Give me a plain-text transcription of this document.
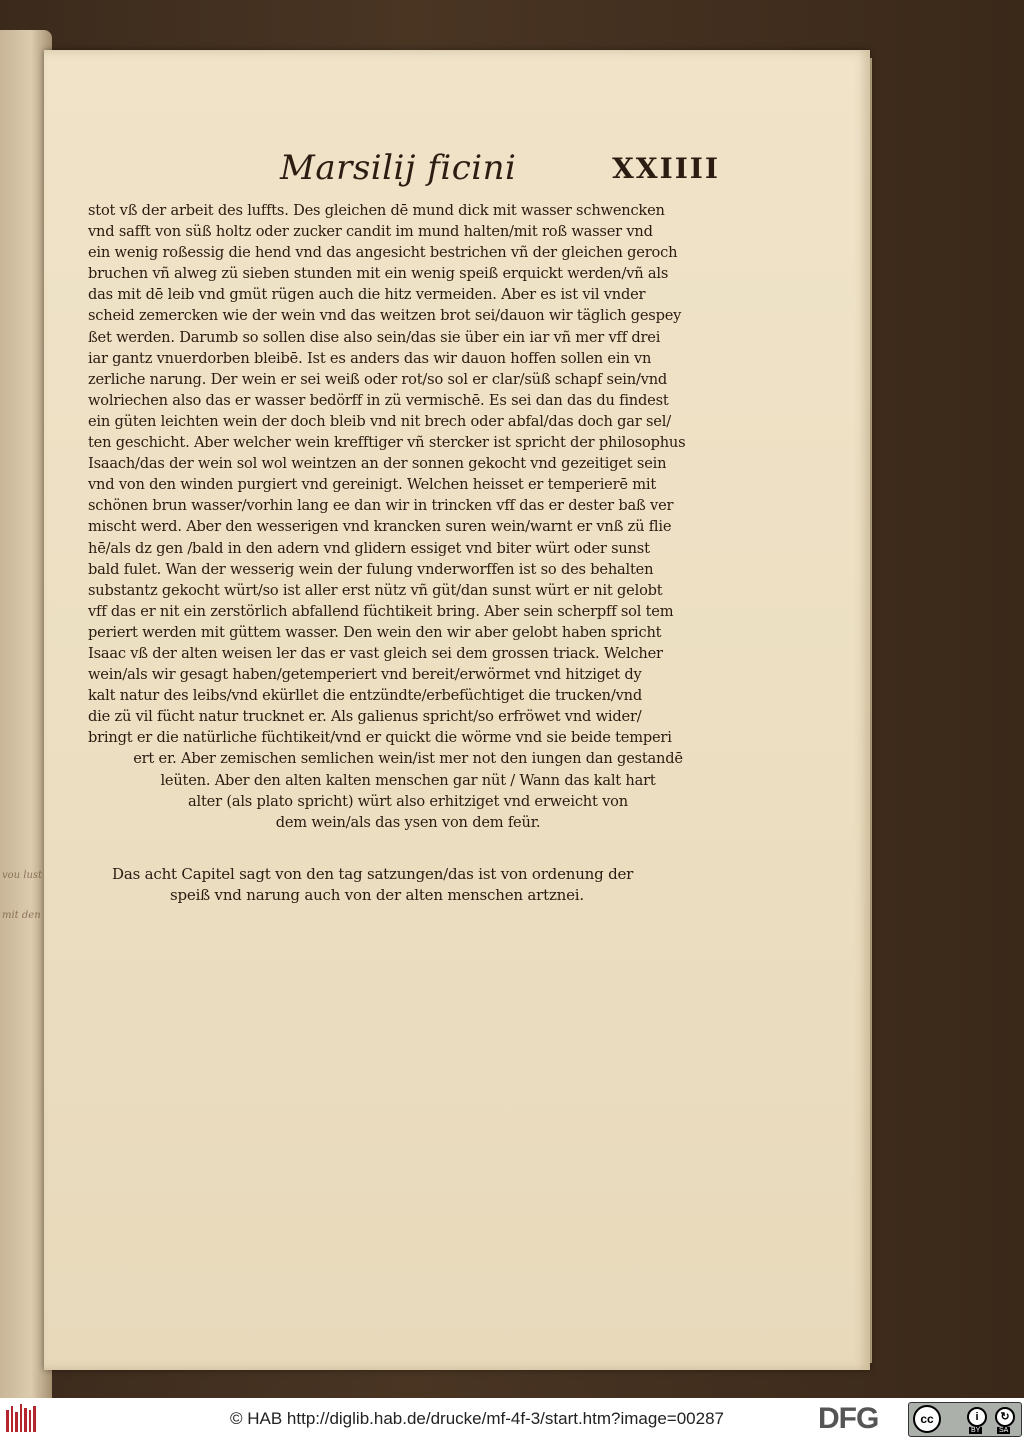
vou lust
mit den
Marsilij ficini	XXIIII
stot vß der arbeit des luffts. Des gleichen dē mund dick mit wasser schwencken
vnd safft von süß holtz oder zucker candit im mund halten/mit roß wasser vnd
ein wenig roßessig die hend vnd das angesicht bestrichen vñ der gleichen geroch
bruchen vñ alweg zü sieben stunden mit ein wenig speiß erquickt werden/vñ als
das mit dē leib vnd gmüt rügen auch die hitz vermeiden. Aber es ist vil vnder
scheid zemercken wie der wein vnd das weitzen brot sei/dauon wir täglich gespey
ßet werden. Darumb so sollen dise also sein/das sie über ein iar vñ mer vff drei
iar gantz vnuerdorben bleibē. Ist es anders das wir dauon hoffen sollen ein vn
zerliche narung. Der wein er sei weiß oder rot/so sol er clar/süß schapf sein/vnd
wolriechen also das er wasser bedörff in zü vermischē. Es sei dan das du findest
ein güten leichten wein der doch bleib vnd nit brech oder abfal/das doch gar sel/
ten geschicht. Aber welcher wein krefftiger vñ stercker ist spricht der philosophus
Isaach/das der wein sol wol weintzen an der sonnen gekocht vnd gezeitiget sein
vnd von den winden purgiert vnd gereinigt. Welchen heisset er temperierē mit
schönen brun wasser/vorhin lang ee dan wir in trincken vff das er dester baß ver
mischt werd. Aber den wesserigen vnd krancken suren wein/warnt er vnß zü flie
hē/als dz gen /bald in den adern vnd glidern essiget vnd biter würt oder sunst
bald fulet. Wan der wesserig wein der fulung vnderworffen ist so des behalten
substantz gekocht würt/so ist aller erst nütz vñ güt/dan sunst würt er nit gelobt
vff das er nit ein zerstörlich abfallend füchtikeit bring. Aber sein scherpff sol tem
periert werden mit güttem wasser. Den wein den wir aber gelobt haben spricht
Isaac vß der alten weisen ler das er vast gleich sei dem grossen triack. Welcher
wein/als wir gesagt haben/getemperiert vnd bereit/erwörmet vnd hitziget dy
kalt natur des leibs/vnd ekürllet die entzündte/erbefüchtiget die trucken/vnd
die zü vil fücht natur trucknet er. Als galienus spricht/so erfröwet vnd wider/
bringt er die natürliche füchtikeit/vnd er quickt die wörme vnd sie beide temperi
ert er. Aber zemischen semlichen wein/ist mer not den iungen dan gestandē
leüten. Aber den alten kalten menschen gar nüt / Wann das kalt hart
alter (als plato spricht) würt also erhitziget vnd erweicht von
dem wein/als das ysen von dem feür.
Das acht Capitel sagt von den tag satzungen/das ist von ordenung der
speiß vnd narung auch von der alten menschen artznei.
© HAB http://diglib.hab.de/drucke/mf-4f-3/start.htm?image=00287	DFG	cc	i	↻
BY	SA
